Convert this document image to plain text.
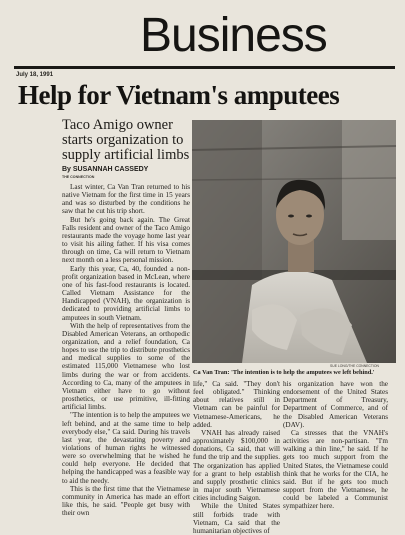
Business
July 18, 1991
Help for Vietnam's amputees
Taco Amigo owner starts organization to supply artificial limbs
By SUSANNAH CASSEDY
THE CONNECTION

Last winter, Ca Van Tran returned to his native Vietnam for the first time in 15 years and was so disturbed by the conditions he saw that he cut his trip short.

But he's going back again. The Great Falls resident and owner of the Taco Amigo restaurants made the voyage home last year to visit his ailing father. If his visa comes through on time, Ca will return to Vietnam next month on a less personal mission.

Early this year, Ca, 40, founded a non-profit organization based in McLean, where one of his fast-food restaurants is located. Called Vietnam Assistance for the Handicapped (VNAH), the organization is dedicated to providing artificial limbs to amputees in south Vietnam.

With the help of representatives from the Disabled American Veterans, an orthopedic organization, and a relief foundation, Ca hopes to use the trip to distribute prosthetics and medical supplies to some of the estimated 115,000 Vietnamese who lost limbs during the war or from accidents. According to Ca, many of the amputees in Vietnam either have to go without prosthetics, or use primitive, ill-fitting artificial limbs.

"The intention is to help the amputees we left behind, and at the same time to help everybody else," Ca said. During his travels last year, the devastating poverty and violations of human rights he witnessed were so overwhelming that he wished he could help everyone. He decided that helping the handicapped was a feasible way to aid the needy.

This is the first time that the Vietnamese community in America has made an effort like this, he said. "People get busy with their own

SUE LONG/THE CONNECTION
Ca Van Tran: 'The intention is to help the amputees we left behind.'

life," Ca said. "They don't feel obligated." Thinking about relatives still in Vietnam can be painful for Vietnamese-Americans, he added.

VNAH has already raised approximately $100,000 in donations, Ca said, that will fund the trip and the supplies. The organization has applied for a grant to help establish and supply prosthetic clinics in major south Vietnamese cities including Saigon.

While the United States still forbids trade with Vietnam, Ca said that the humanitarian objectives of

his organization have won the endorsement of the United States Department of Treasury, Department of Commerce, and of the Disabled American Veterans (DAV).

Ca stresses that the VNAH's activities are non-partisan. "I'm walking a thin line," he said. If he gets too much support from the United States, the Vietnamese could think that he works for the CIA, he said. But if he gets too much support from the Vietnamese, he could be labeled a Communist sympathizer here.
